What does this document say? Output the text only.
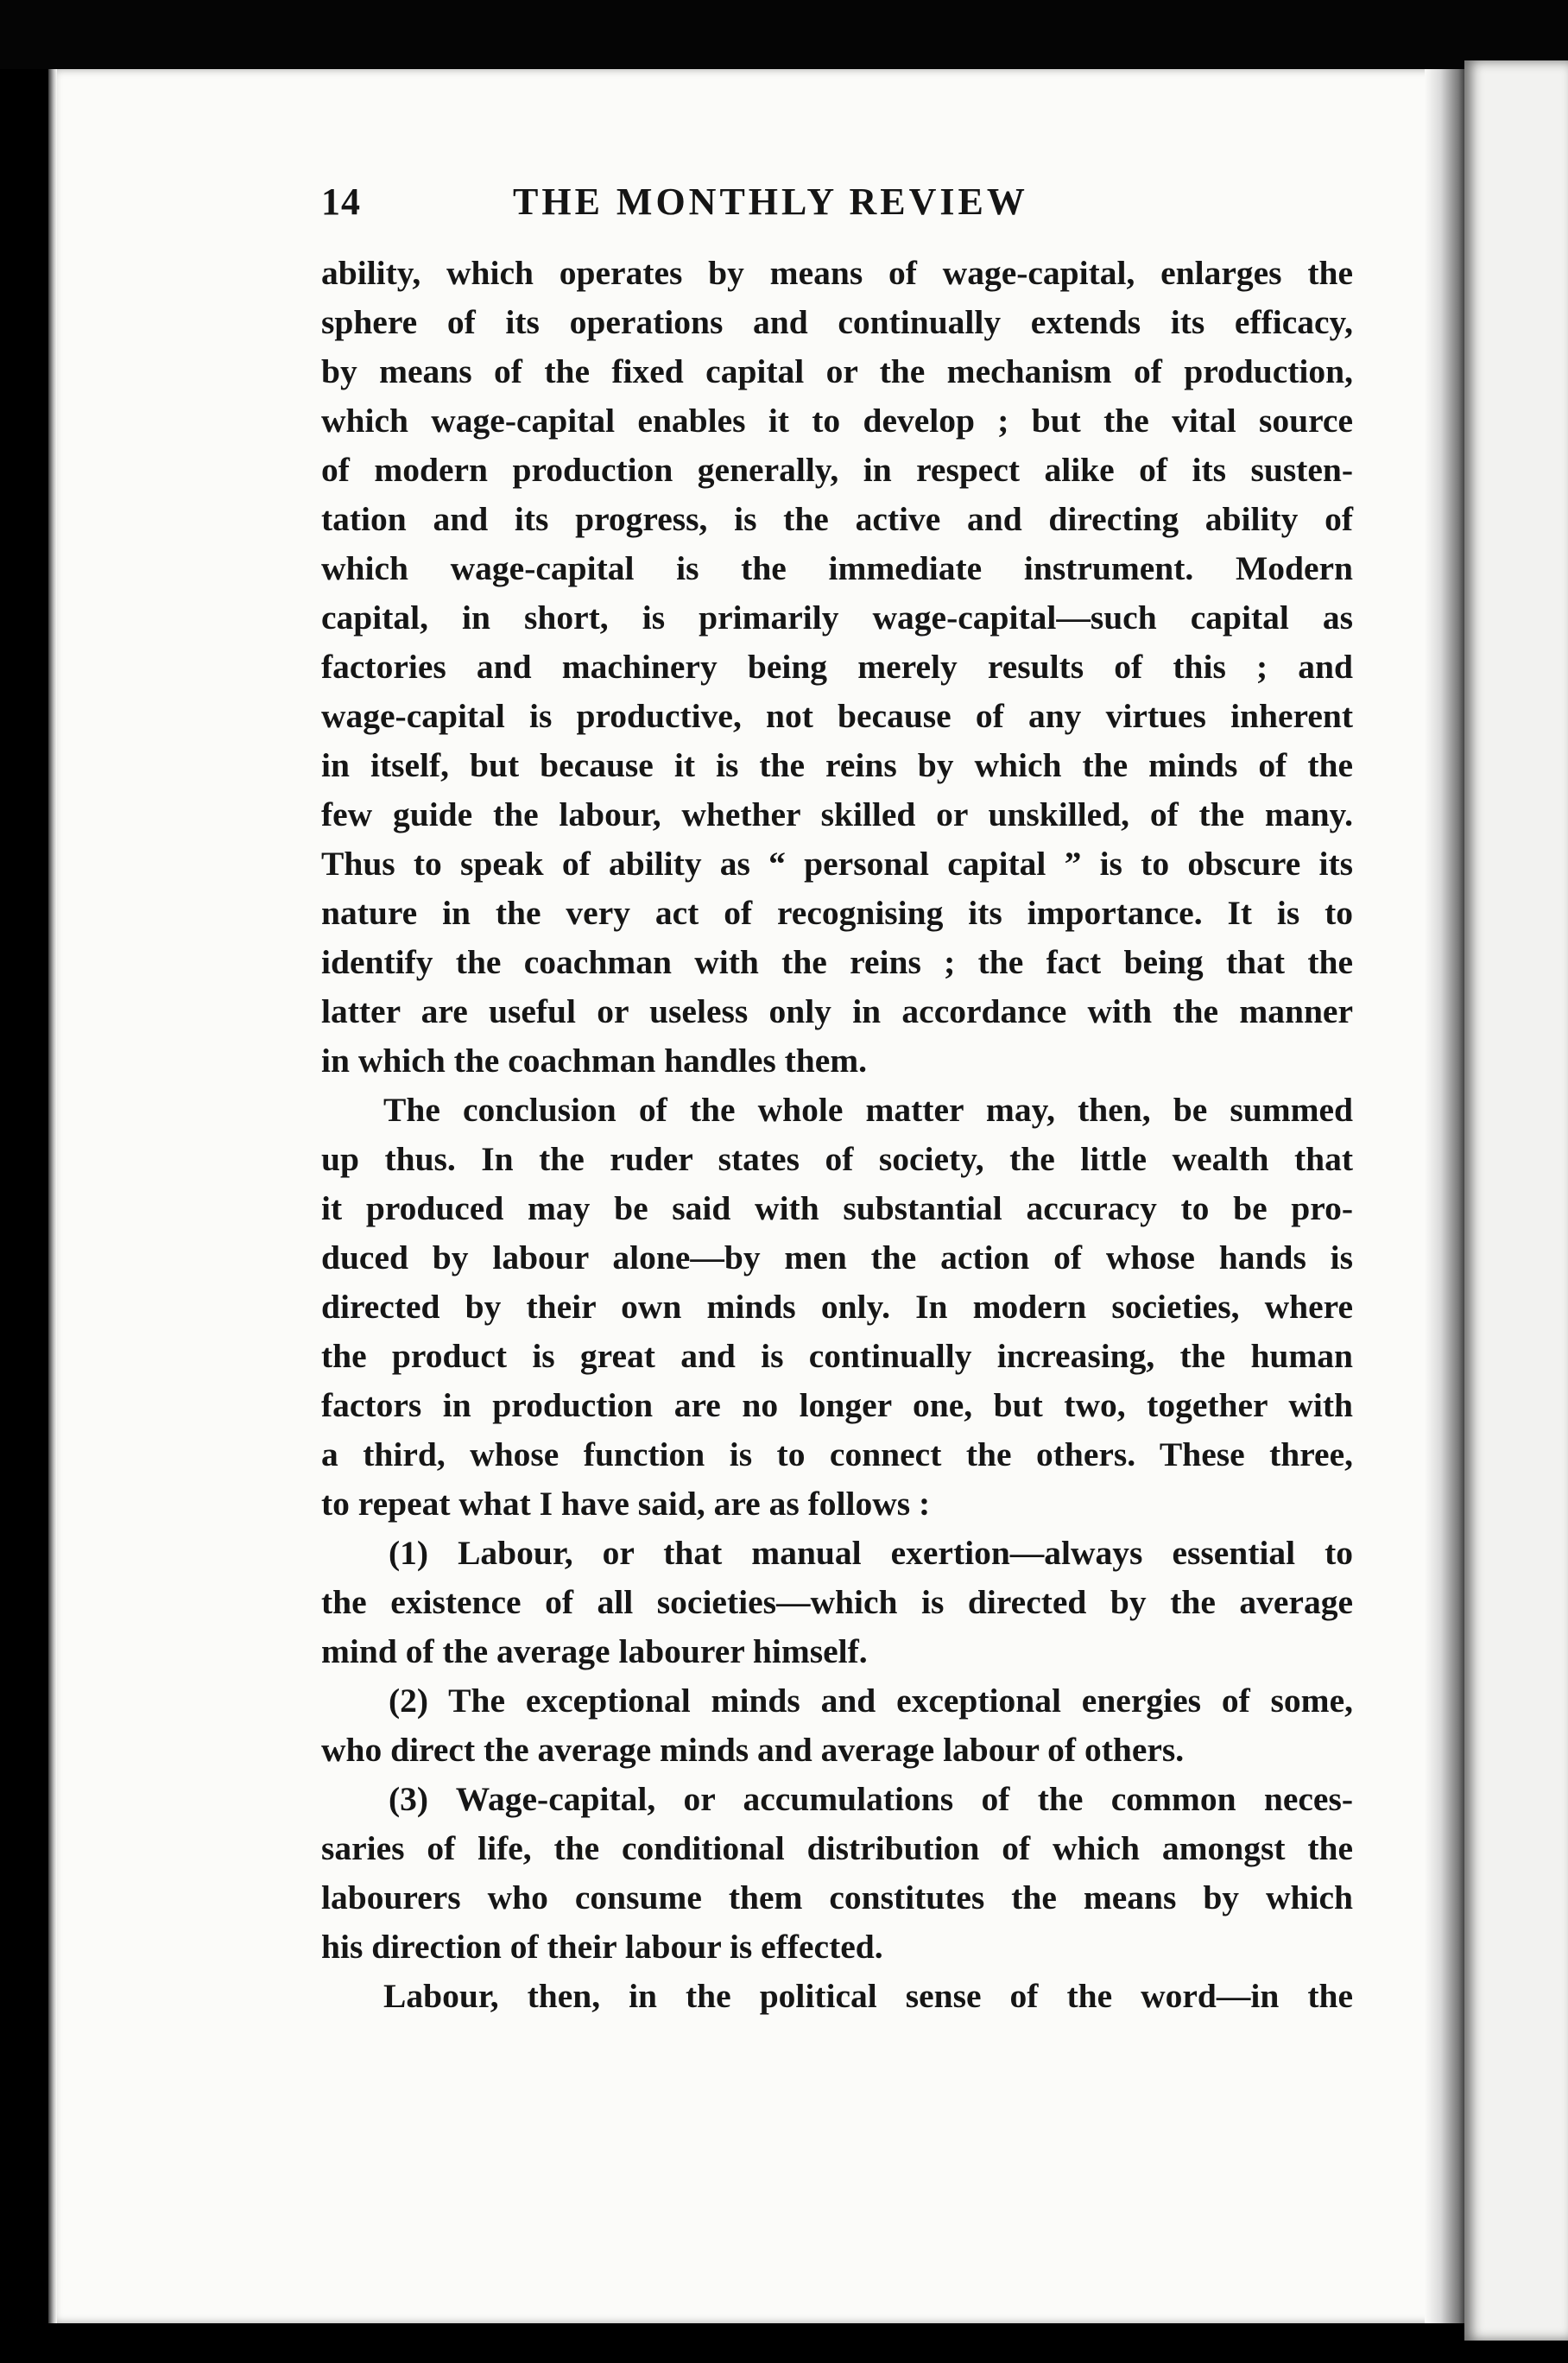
14	THE MONTHLY REVIEW
ability, which operates by means of wage-capital, enlarges the
sphere of its operations and continually extends its efficacy,
by means of the fixed capital or the mechanism of production,
which wage-capital enables it to develop ; but the vital source
of modern production generally, in respect alike of its susten-
tation and its progress, is the active and directing ability of
which wage-capital is the immediate instrument. Modern
capital, in short, is primarily wage-capital—such capital as
factories and machinery being merely results of this ; and
wage-capital is productive, not because of any virtues inherent
in itself, but because it is the reins by which the minds of the
few guide the labour, whether skilled or unskilled, of the many.
Thus to speak of ability as “ personal capital ” is to obscure its
nature in the very act of recognising its importance. It is to
identify the coachman with the reins ; the fact being that the
latter are useful or useless only in accordance with the manner
in which the coachman handles them.
The conclusion of the whole matter may, then, be summed
up thus. In the ruder states of society, the little wealth that
it produced may be said with substantial accuracy to be pro-
duced by labour alone—by men the action of whose hands is
directed by their own minds only. In modern societies, where
the product is great and is continually increasing, the human
factors in production are no longer one, but two, together with
a third, whose function is to connect the others. These three,
to repeat what I have said, are as follows :
(1) Labour, or that manual exertion—always essential to
the existence of all societies—which is directed by the average
mind of the average labourer himself.
(2) The exceptional minds and exceptional energies of some,
who direct the average minds and average labour of others.
(3) Wage-capital, or accumulations of the common neces-
saries of life, the conditional distribution of which amongst the
labourers who consume them constitutes the means by which
his direction of their labour is effected.
Labour, then, in the political sense of the word—in the
